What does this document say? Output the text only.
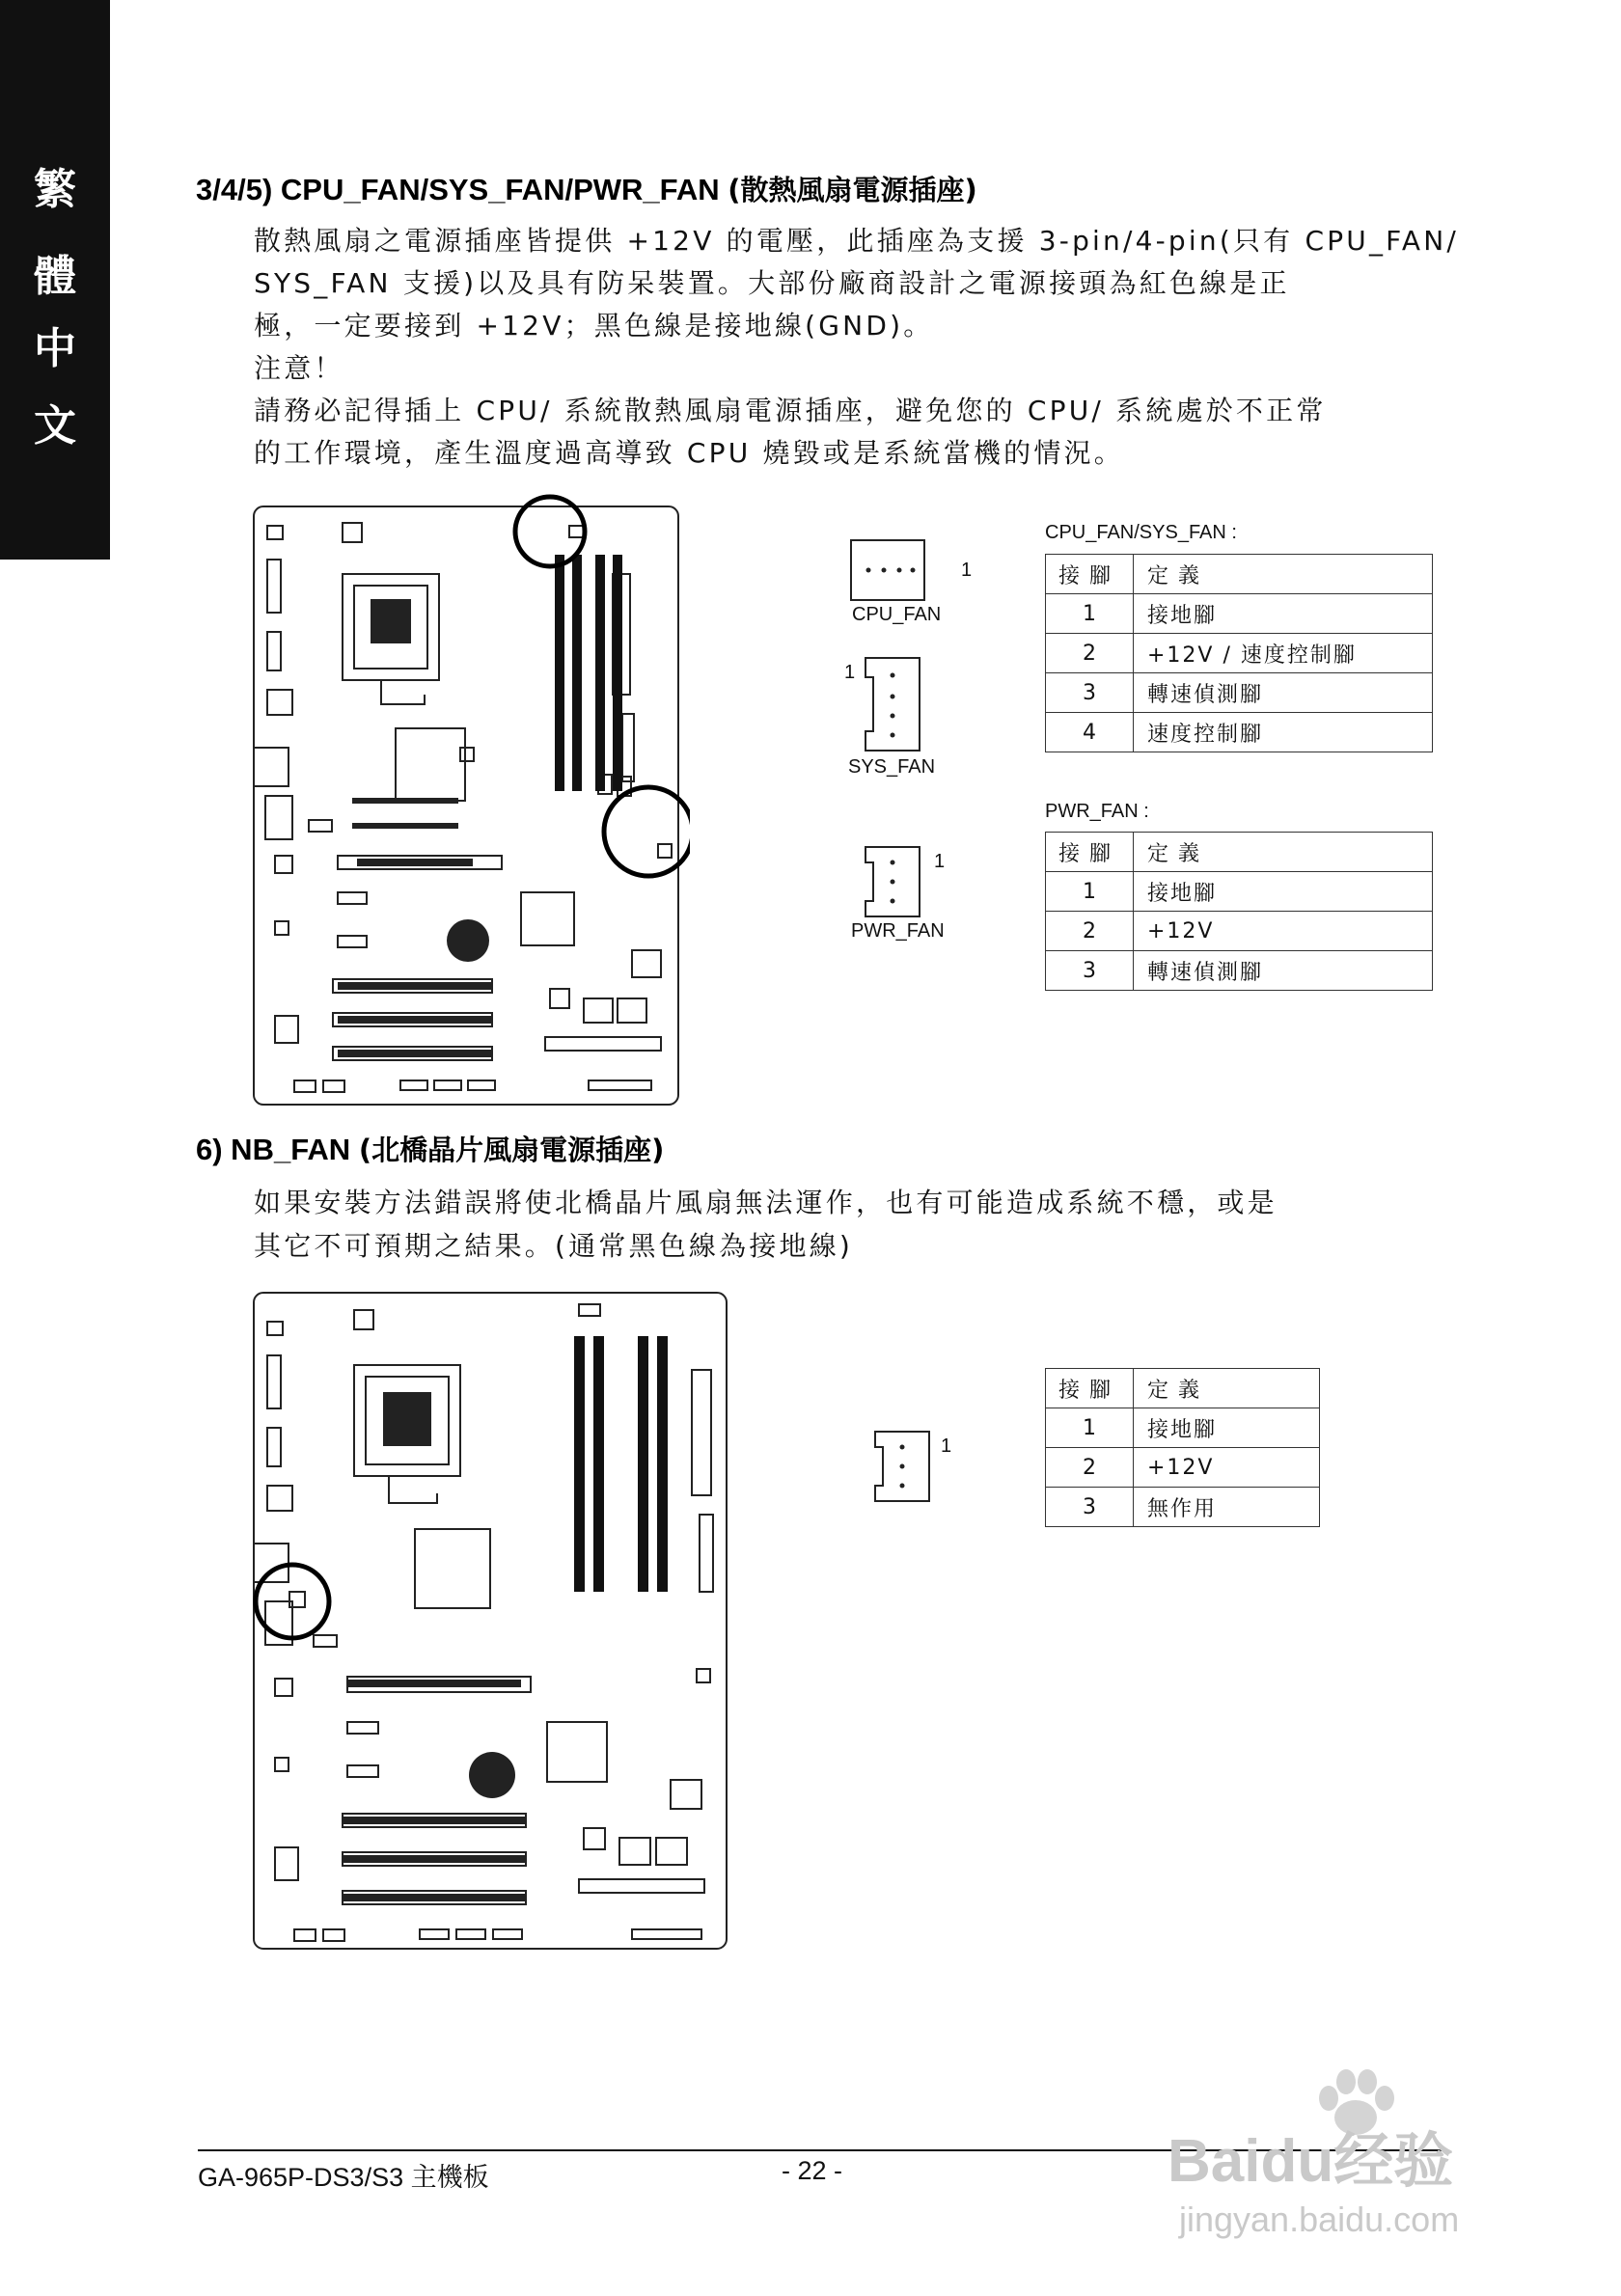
繁
體
中
文
3/4/5) CPU_FAN/SYS_FAN/PWR_FAN (散熱風扇電源插座)
散熱風扇之電源插座皆提供 +12V 的電壓，此插座為支援 3-pin/4-pin(只有 CPU_FAN/
SYS_FAN 支援)以及具有防呆裝置。大部份廠商設計之電源接頭為紅色線是正
極，一定要接到 +12V；黑色線是接地線(GND)。
注意！
請務必記得插上 CPU/ 系統散熱風扇電源插座，避免您的 CPU/ 系統處於不正常
的工作環境，產生溫度過高導致 CPU 燒毀或是系統當機的情況。
1
CPU_FAN
1
SYS_FAN
1
PWR_FAN
CPU_FAN/SYS_FAN :
接腳	定義
1	接地腳
2	+12V / 速度控制腳
3	轉速偵測腳
4	速度控制腳
PWR_FAN :
接腳	定義
1	接地腳
2	+12V
3	轉速偵測腳
6) NB_FAN (北橋晶片風扇電源插座)
如果安裝方法錯誤將使北橋晶片風扇無法運作，也有可能造成系統不穩，或是
其它不可預期之結果。(通常黑色線為接地線)
1
接腳	定義
1	接地腳
2	+12V
3	無作用
GA-965P-DS3/S3 主機板	- 22 -	Baidu经验
jingyan.baidu.com
